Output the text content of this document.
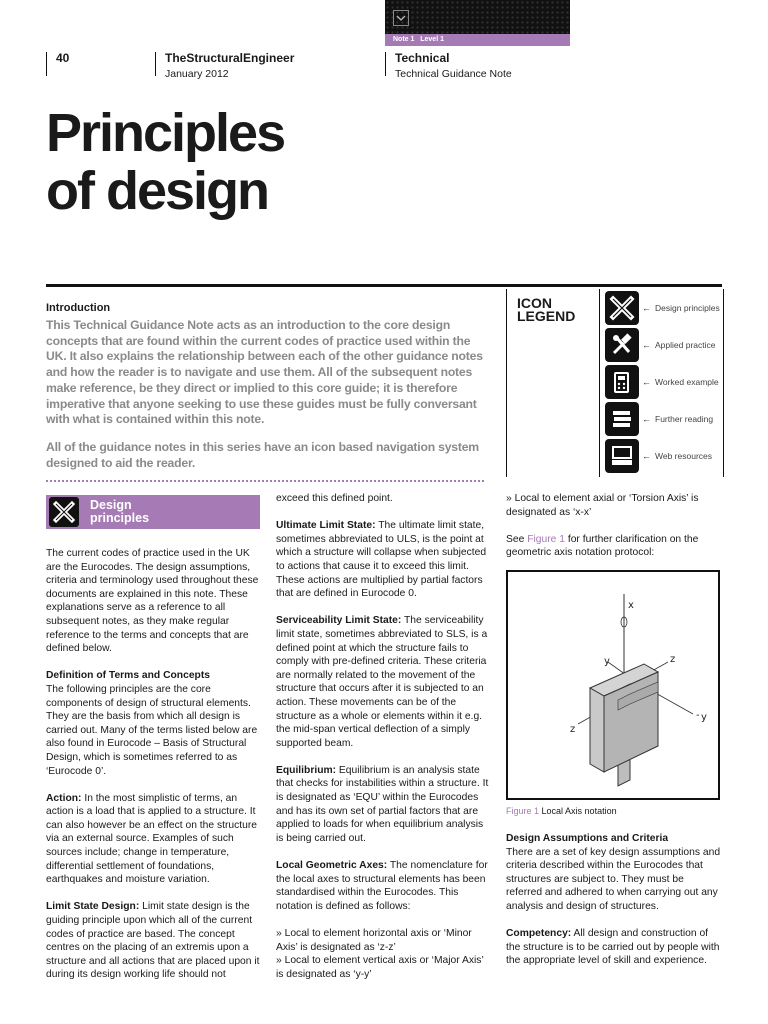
Note 1 Level 1
40	TheStructuralEngineer
January 2012
Technical
Technical Guidance Note
Principles
of design
Introduction
This Technical Guidance Note acts as an introduction to the core design concepts that are found within the current codes of practice used within the UK. It also explains the relationship between each of the other guidance notes and how the reader is to navigate and use them. All of the subsequent notes make reference, be they direct or implied to this core guide; it is therefore imperative that anyone seeking to use these guides must be fully conversant with what is contained within this note.
All of the guidance notes in this series have an icon based navigation system designed to aid the reader.
ICON
LEGEND	← Design principles
← Applied practice
← Worked example
← Further reading
← Web resources
Design
principles

The current codes of practice used in the UK are the Eurocodes. The design assumptions, criteria and terminology used throughout these documents are explained in this note. These explanations serve as a reference to all subsequent notes, as they make regular reference to the terms and concepts that are defined below.

Definition of Terms and Concepts

The following principles are the core components of design of structural elements. They are the basis from which all design is carried out. Many of the terms listed below are also found in Eurocode – Basis of Structural Design, which is sometimes referred to as ‘Eurocode 0’.

Action: In the most simplistic of terms, an action is a load that is applied to a structure. It can also however be an effect on the structure via an external source. Examples of such sources include; change in temperature, differential settlement of foundations, earthquakes and moisture variation.

Limit State Design: Limit state design is the guiding principle upon which all of the current codes of practice are based. The concept centres on the placing of an extremis upon a structure and all actions that are placed upon it during its design working life should not

exceed this defined point.

Ultimate Limit State: The ultimate limit state, sometimes abbreviated to ULS, is the point at which a structure will collapse when subjected to actions that cause it to exceed this limit. These actions are multiplied by partial factors that are defined in Eurocode 0.

Serviceability Limit State: The serviceability limit state, sometimes abbreviated to SLS, is a defined point at which the structure fails to comply with pre-defined criteria. These criteria are normally related to the movement of the structure that occurs after it is subjected to an action. These movements can be of the structure as a whole or elements within it e.g. the mid-span vertical deflection of a simply supported beam.

Equilibrium: Equilibrium is an analysis state that checks for instabilities within a structure. It is designated as ‘EQU’ within the Eurocodes and has its own set of partial factors that are applied to loads for when equilibrium analysis is being carried out.

Local Geometric Axes: The nomenclature for the local axes to structural elements has been standardised within the Eurocodes. This notation is defined as follows:

» Local to element horizontal axis or ‘Minor Axis’ is designated as ‘z-z’
» Local to element vertical axis or ‘Major Axis’ is designated as ‘y-y’

» Local to element axial or ‘Torsion Axis’ is designated as ‘x-x’

See Figure 1 for further clarification on the geometric axis notation protocol:

x
- y
y	z
z
Figure 1 Local Axis notation
Design Assumptions and Criteria

There are a set of key design assumptions and criteria described within the Eurocodes that structures are subject to. They must be referred and adhered to when carrying out any analysis and design of structures.

Competency: All design and construction of the structure is to be carried out by people with the appropriate level of skill and experience.
